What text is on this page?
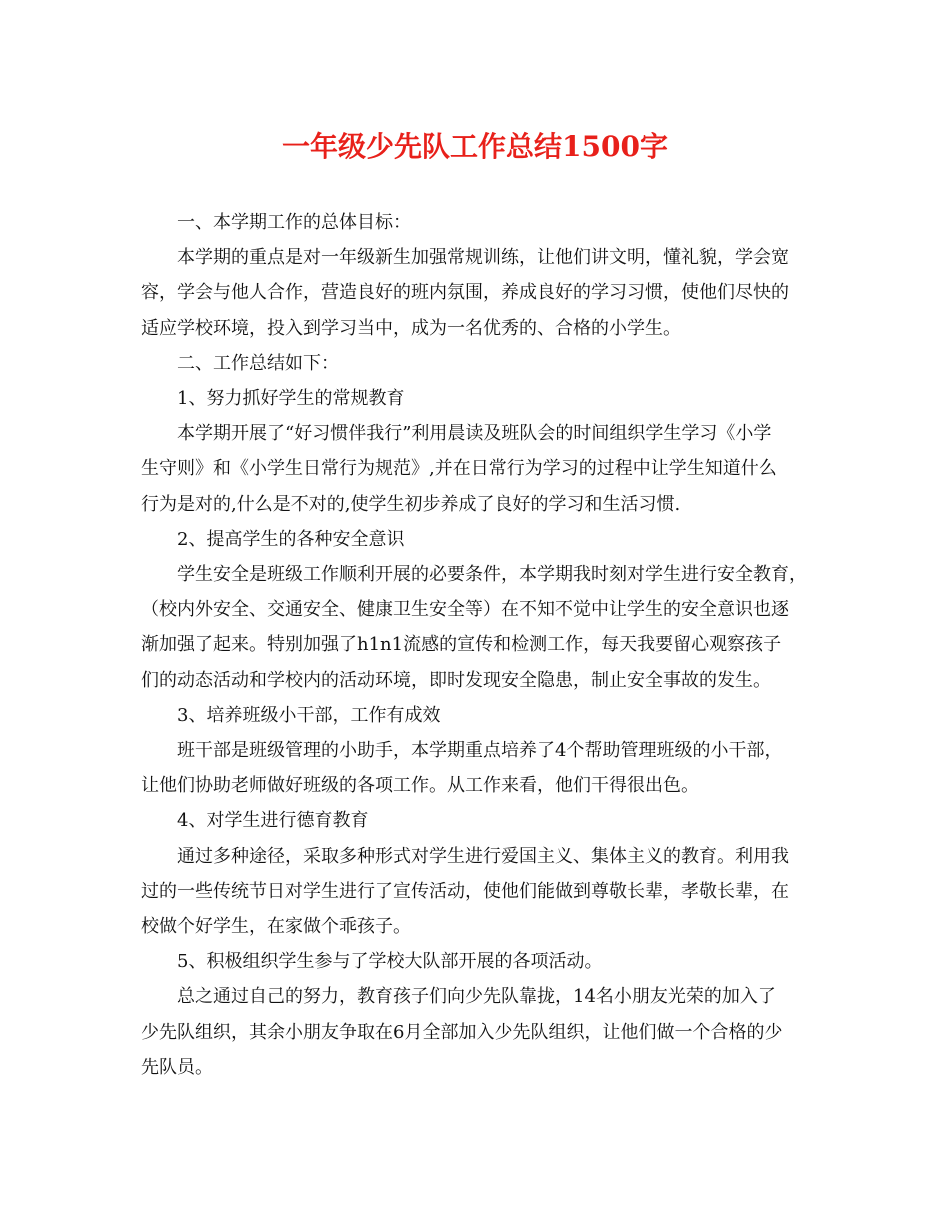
一年级少先队工作总结1500字

一、本学期工作的总体目标：

本学期的重点是对一年级新生加强常规训练，让他们讲文明，懂礼貌，学会宽
容，学会与他人合作，营造良好的班内氛围，养成良好的学习习惯，使他们尽快的
适应学校环境，投入到学习当中，成为一名优秀的、合格的小学生。

二、工作总结如下：

1、努力抓好学生的常规教育

本学期开展了“好习惯伴我行”利用晨读及班队会的时间组织学生学习《小学
生守则》和《小学生日常行为规范》,并在日常行为学习的过程中让学生知道什么
行为是对的,什么是不对的,使学生初步养成了良好的学习和生活习惯.

2、提高学生的各种安全意识

学生安全是班级工作顺利开展的必要条件，本学期我时刻对学生进行安全教育，
（校内外安全、交通安全、健康卫生安全等）在不知不觉中让学生的安全意识也逐
渐加强了起来。特别加强了h1n1流感的宣传和检测工作，每天我要留心观察孩子
们的动态活动和学校内的活动环境，即时发现安全隐患，制止安全事故的发生。

3、培养班级小干部，工作有成效

班干部是班级管理的小助手，本学期重点培养了4个帮助管理班级的小干部，
让他们协助老师做好班级的各项工作。从工作来看，他们干得很出色。

4、对学生进行德育教育

通过多种途径，采取多种形式对学生进行爱国主义、集体主义的教育。利用我
过的一些传统节日对学生进行了宣传活动，使他们能做到尊敬长辈，孝敬长辈，在
校做个好学生，在家做个乖孩子。

5、积极组织学生参与了学校大队部开展的各项活动。

总之通过自己的努力，教育孩子们向少先队靠拢，14名小朋友光荣的加入了
少先队组织，其余小朋友争取在6月全部加入少先队组织，让他们做一个合格的少
先队员。
